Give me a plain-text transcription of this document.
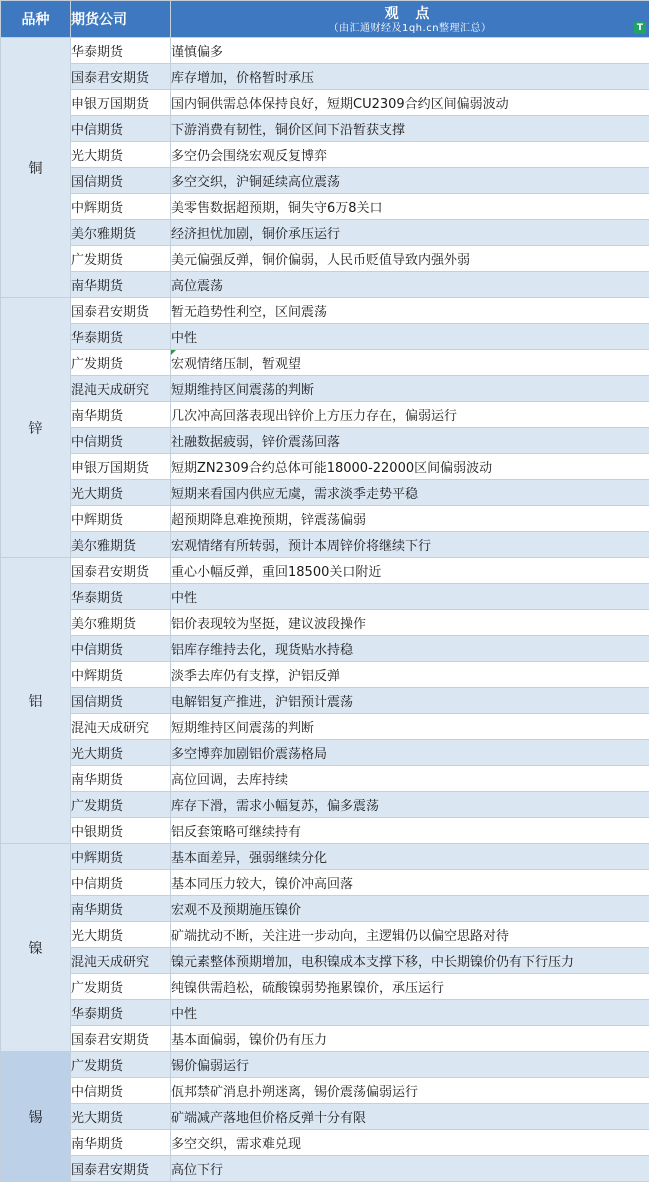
品种	期货公司	观 点
（由汇通财经及1qh.cn整理汇总） T

铜	华泰期货	谨慎偏多
	国泰君安期货	库存增加，价格暂时承压
	申银万国期货	国内铜供需总体保持良好，短期CU2309合约区间偏弱波动
	中信期货	下游消费有韧性，铜价区间下沿暂获支撑
	光大期货	多空仍会围绕宏观反复博弈
	国信期货	多空交织，沪铜延续高位震荡
	中辉期货	美零售数据超预期，铜失守6万8关口
	美尔雅期货	经济担忧加剧，铜价承压运行
	广发期货	美元偏强反弹，铜价偏弱，人民币贬值导致内强外弱
	南华期货	高位震荡
锌	国泰君安期货	暂无趋势性利空，区间震荡
	华泰期货	中性
	广发期货	宏观情绪压制，暂观望

	混沌天成研究	短期维持区间震荡的判断
	南华期货	几次冲高回落表现出锌价上方压力存在，偏弱运行
	中信期货	社融数据疲弱，锌价震荡回落
	申银万国期货	短期ZN2309合约总体可能18000-22000区间偏弱波动
	光大期货	短期来看国内供应无虞，需求淡季走势平稳
	中辉期货	超预期降息难挽预期，锌震荡偏弱
	美尔雅期货	宏观情绪有所转弱，预计本周锌价将继续下行
铝	国泰君安期货	重心小幅反弹，重回18500关口附近
	华泰期货	中性
	美尔雅期货	铝价表现较为坚挺，建议波段操作
	中信期货	铝库存维持去化，现货贴水持稳
	中辉期货	淡季去库仍有支撑，沪铝反弹
	国信期货	电解铝复产推进，沪铝预计震荡
	混沌天成研究	短期维持区间震荡的判断
	光大期货	多空博弈加剧铝价震荡格局
	南华期货	高位回调，去库持续
	广发期货	库存下滑，需求小幅复苏，偏多震荡
	中银期货	铝反套策略可继续持有
镍	中辉期货	基本面差异，强弱继续分化
	中信期货	基本同压力较大，镍价冲高回落
	南华期货	宏观不及预期施压镍价
	光大期货	矿端扰动不断，关注进一步动向，主逻辑仍以偏空思路对待
	混沌天成研究	镍元素整体预期增加，电积镍成本支撑下移，中长期镍价仍有下行压力
	广发期货	纯镍供需趋松，硫酸镍弱势拖累镍价，承压运行
	华泰期货	中性
	国泰君安期货	基本面偏弱，镍价仍有压力
锡	广发期货	锡价偏弱运行
	中信期货	佤邦禁矿消息扑朔迷离，锡价震荡偏弱运行
	光大期货	矿端减产落地但价格反弹十分有限
	南华期货	多空交织，需求难兑现
	国泰君安期货	高位下行
